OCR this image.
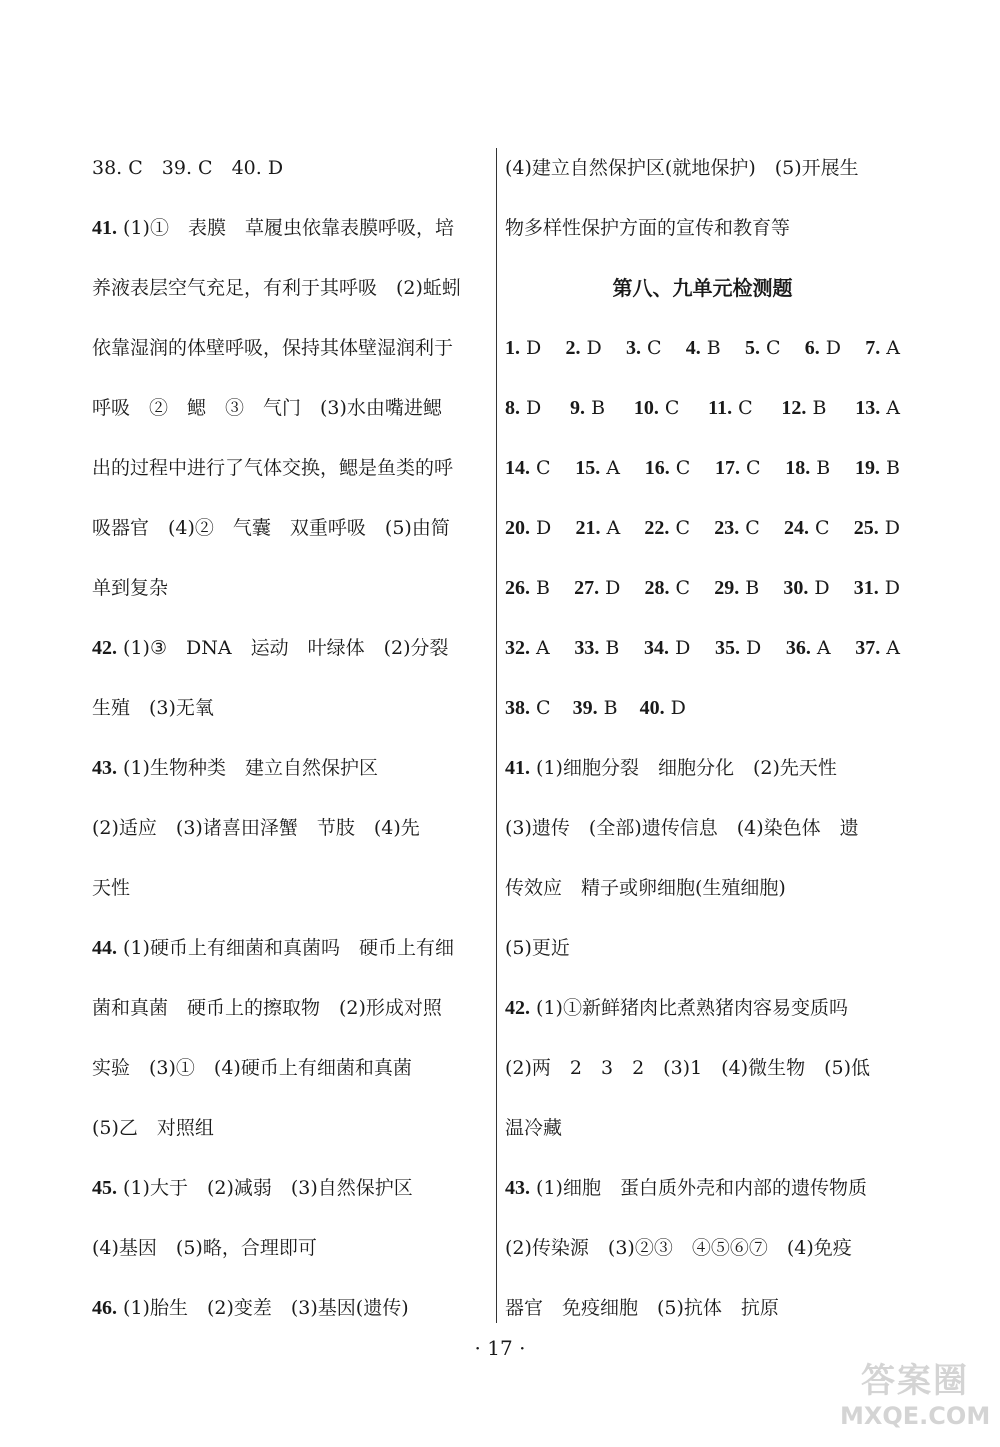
38. C　39. C　40. D
41. (1)①　表膜　草履虫依靠表膜呼吸，培
养液表层空气充足，有利于其呼吸　(2)蚯蚓
依靠湿润的体壁呼吸，保持其体壁湿润利于
呼吸　②　鳃　③　气门　(3)水由嘴进鳃
出的过程中进行了气体交换，鳃是鱼类的呼
吸器官　(4)②　气囊　双重呼吸　(5)由简
单到复杂
42. (1)③　DNA　运动　叶绿体　(2)分裂
生殖　(3)无氧
43. (1)生物种类　建立自然保护区
(2)适应　(3)诸喜田泽蟹　节肢　(4)先
天性
44. (1)硬币上有细菌和真菌吗　硬币上有细
菌和真菌　硬币上的擦取物　(2)形成对照
实验　(3)①　(4)硬币上有细菌和真菌
(5)乙　对照组
45. (1)大于　(2)减弱　(3)自然保护区
(4)基因　(5)略，合理即可
46. (1)胎生　(2)变差　(3)基因(遗传)
(4)建立自然保护区(就地保护)　(5)开展生
物多样性保护方面的宣传和教育等
第八、九单元检测题
1. D 2. D 3. C 4. B 5. C 6. D 7. A
8. D 9. B 10. C 11. C 12. B 13. A
14. C 15. A 16. C 17. C 18. B 19. B
20. D 21. A 22. C 23. C 24. C 25. D
26. B 27. D 28. C 29. B 30. D 31. D
32. A 33. B 34. D 35. D 36. A 37. A
38. C 39. B 40. D
41. (1)细胞分裂　细胞分化　(2)先天性
(3)遗传　(全部)遗传信息　(4)染色体　遗
传效应　精子或卵细胞(生殖细胞)
(5)更近
42. (1)①新鲜猪肉比煮熟猪肉容易变质吗
(2)两　2　3　2　(3)1　(4)微生物　(5)低
温冷藏
43. (1)细胞　蛋白质外壳和内部的遗传物质
(2)传染源　(3)②③　④⑤⑥⑦　(4)免疫
器官　免疫细胞　(5)抗体　抗原
· 17 ·
答案圈
MXQE.COM
